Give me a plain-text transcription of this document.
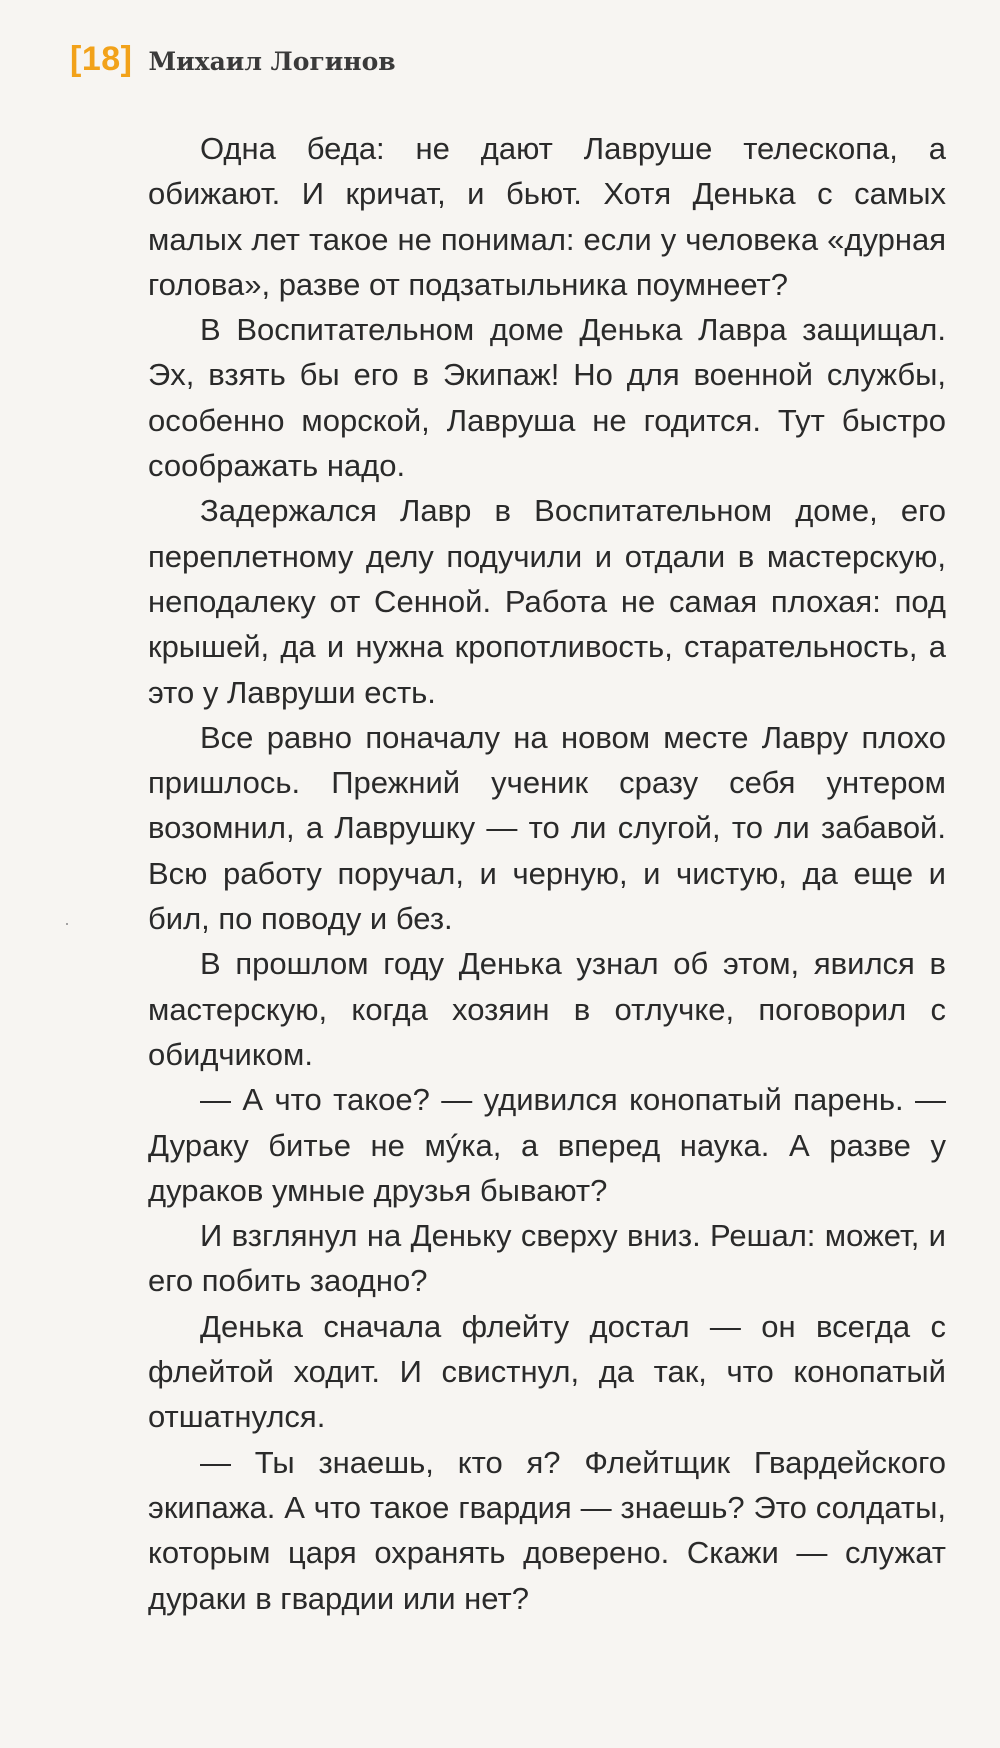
[18] Михаил Логинов

Одна беда: не дают Лавруше телескопа, а обижают. И кричат, и бьют. Хотя Денька с самых малых лет такое не понимал: если у человека «дурная голова», разве от подзатыльника поумнеет?

В Воспитательном доме Денька Лавра защищал. Эх, взять бы его в Экипаж! Но для военной службы, особенно морской, Лавруша не годится. Тут быстро соображать надо.

Задержался Лавр в Воспитательном доме, его переплетному делу подучили и отдали в мастерскую, неподалеку от Сенной. Работа не самая плохая: под крышей, да и нужна кропотливость, старательность, а это у Лавруши есть.

Все равно поначалу на новом месте Лавру плохо пришлось. Прежний ученик сразу себя унтером возомнил, а Лаврушку — то ли слугой, то ли забавой. Всю работу поручал, и черную, и чистую, да еще и бил, по поводу и без.

В прошлом году Денька узнал об этом, явился в мастерскую, когда хозяин в отлучке, поговорил с обидчиком.

— А что такое? — удивился конопатый парень. — Дураку битье не мýка, а вперед наука. А разве у дураков умные друзья бывают?

И взглянул на Деньку сверху вниз. Решал: может, и его побить заодно?

Денька сначала флейту достал — он всегда с флейтой ходит. И свистнул, да так, что конопатый отшатнулся.

— Ты знаешь, кто я? Флейтщик Гвардейского экипажа. А что такое гвардия — знаешь? Это солдаты, которым царя охранять доверено. Скажи — служат дураки в гвардии или нет?
